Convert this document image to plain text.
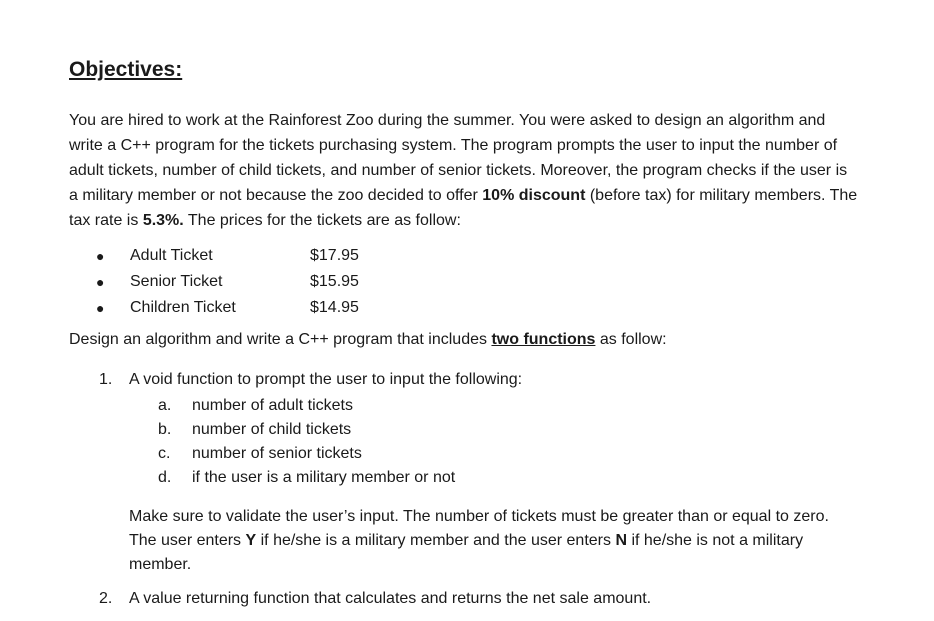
Objectives:

You are hired to work at the Rainforest Zoo during the summer. You were asked to design an algorithm and write a C++ program for the tickets purchasing system. The program prompts the user to input the number of adult tickets, number of child tickets, and number of senior tickets. Moreover, the program checks if the user is a military member or not because the zoo decided to offer 10% discount (before tax) for military members. The tax rate is 5.3%. The prices for the tickets are as follow:

●	Adult Ticket	$17.95
●	Senior Ticket	$15.95
●	Children Ticket	$14.95

Design an algorithm and write a C++ program that includes two functions as follow:

1. A void function to prompt the user to input the following:

a.	number of adult tickets
b.	number of child tickets
c.	number of senior tickets
d.	if the user is a military member or not

Make sure to validate the user’s input. The number of tickets must be greater than or equal to zero. The user enters Y if he/she is a military member and the user enters N if he/she is not a military member.

2. A value returning function that calculates and returns the net sale amount.
